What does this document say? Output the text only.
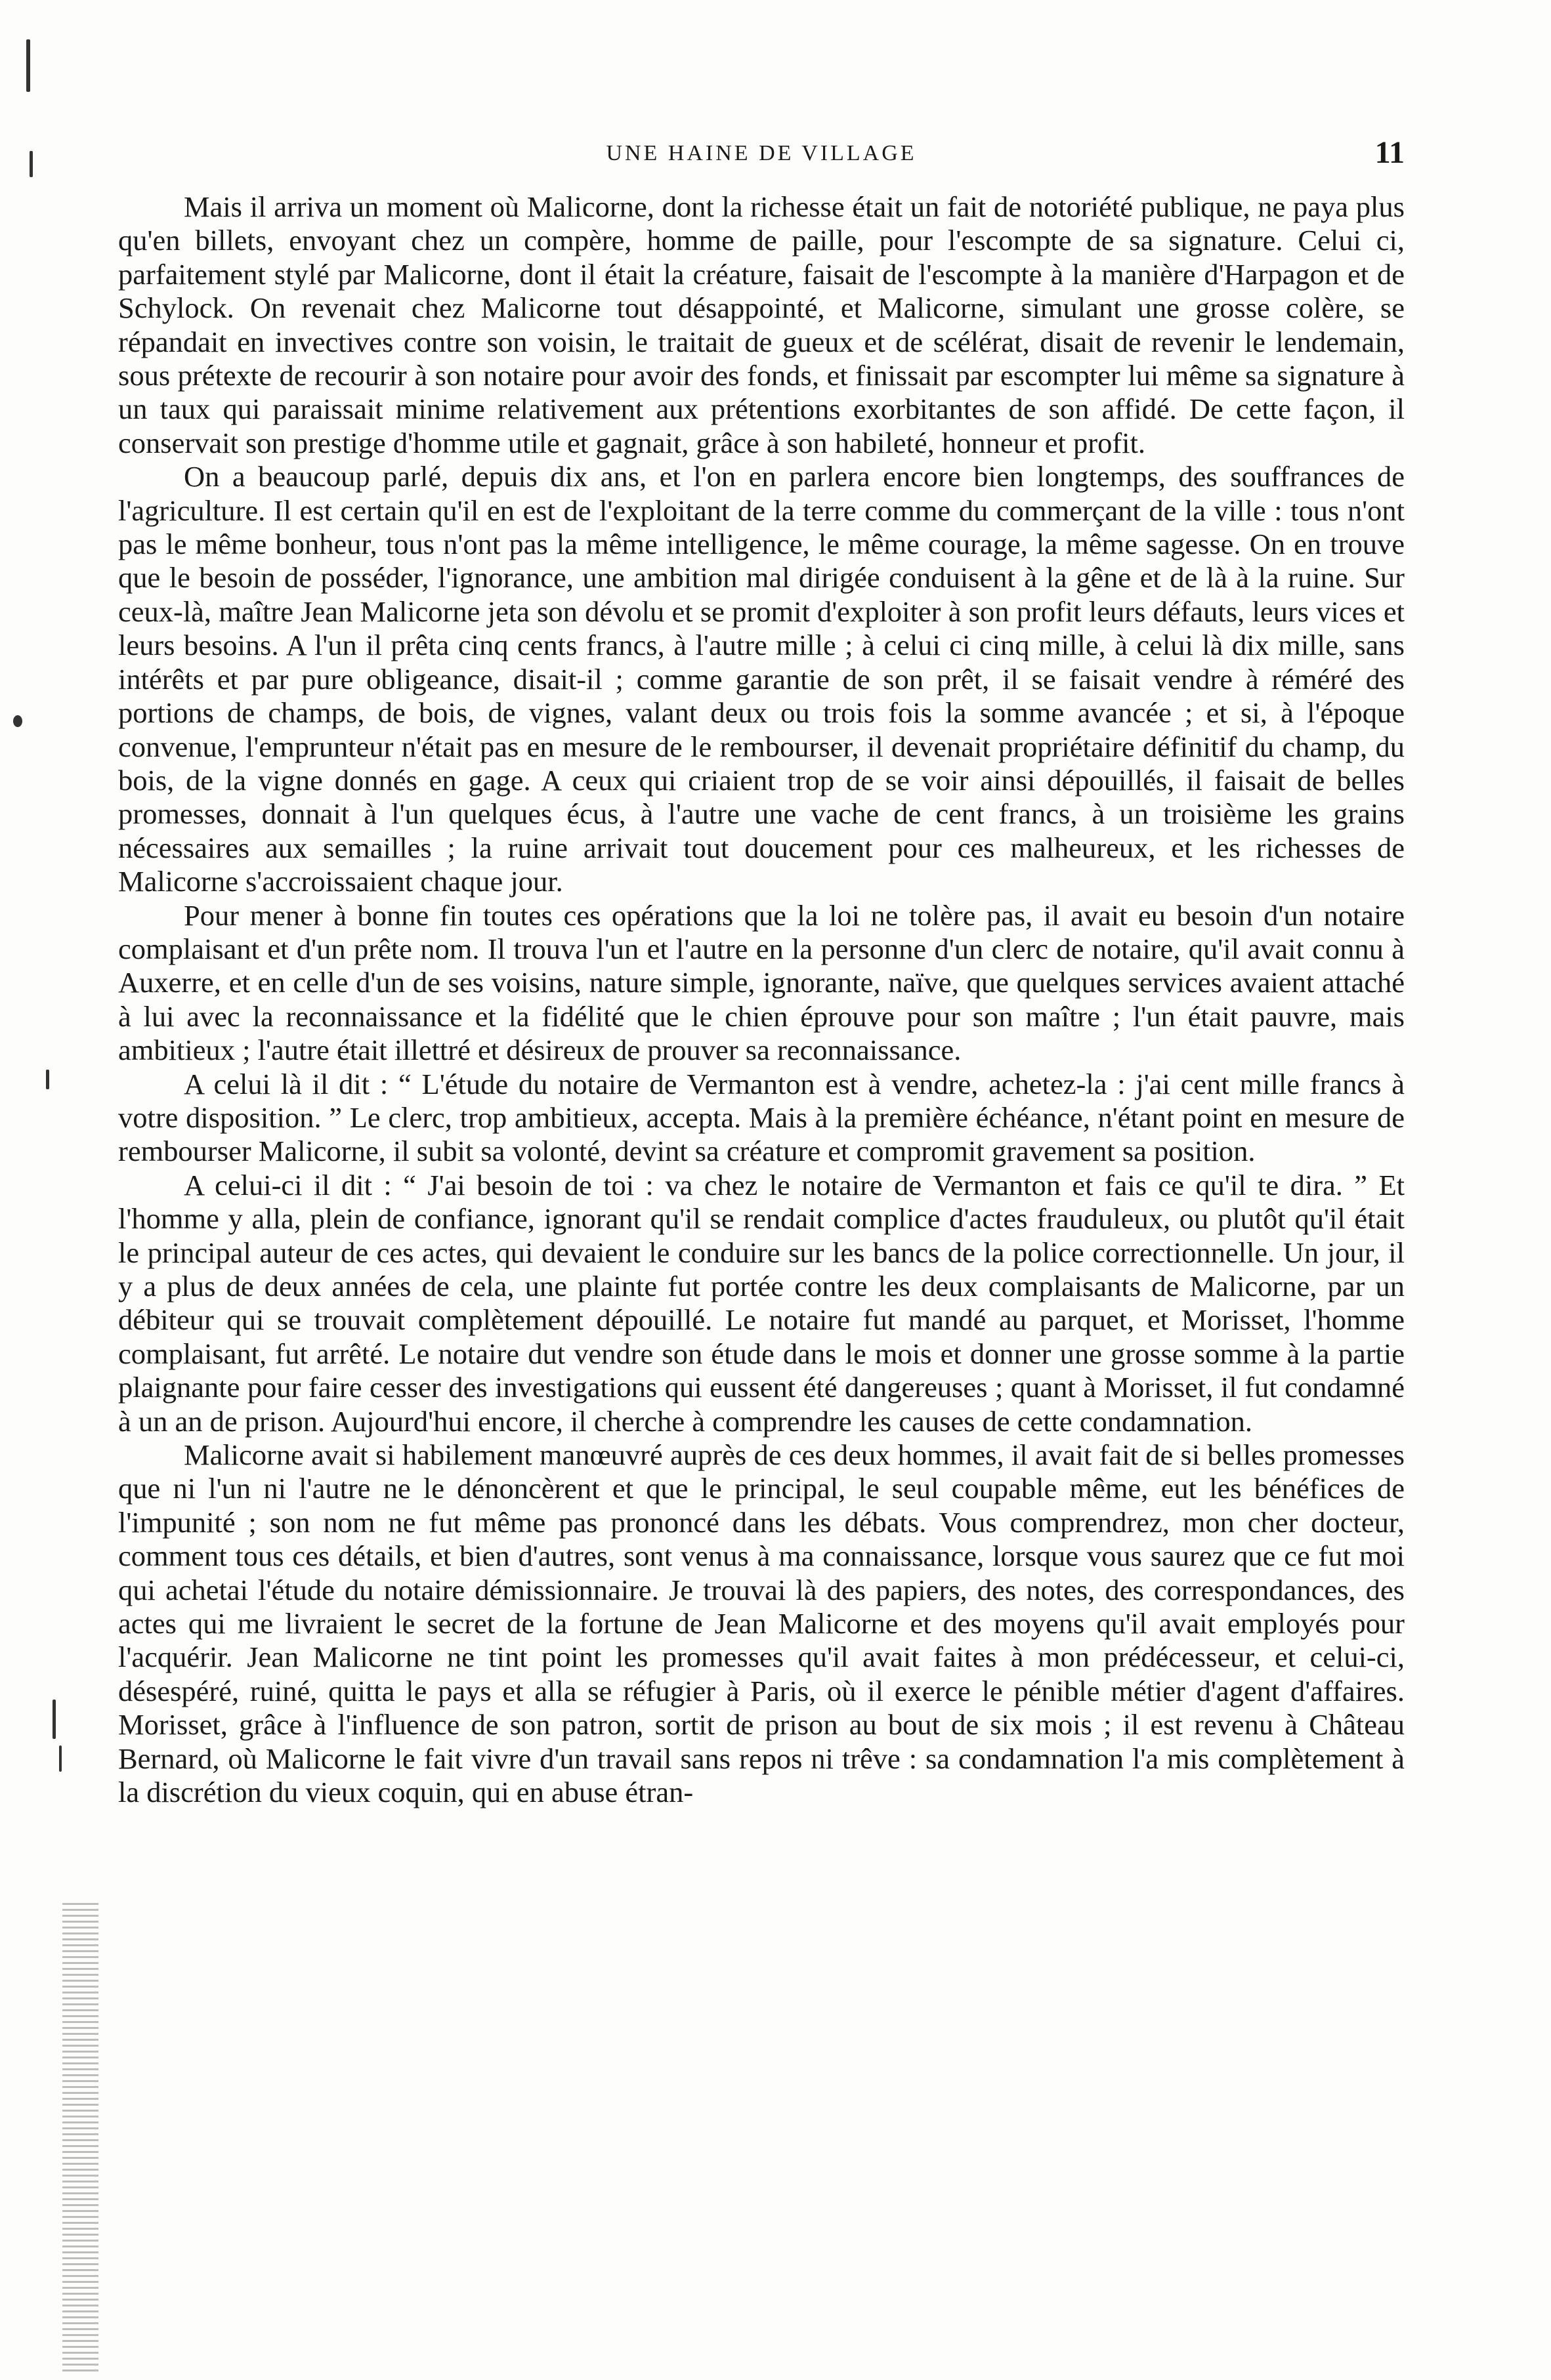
UNE HAINE DE VILLAGE	11

Mais il arriva un moment où Malicorne, dont la richesse était un fait de notoriété publique, ne paya plus qu'en billets, envoyant chez un compère, homme de paille, pour l'escompte de sa signature. Celui ci, parfaitement stylé par Malicorne, dont il était la créature, faisait de l'escompte à la manière d'Harpagon et de Schylock. On revenait chez Malicorne tout désappointé, et Malicorne, simulant une grosse colère, se répandait en invectives contre son voisin, le traitait de gueux et de scélérat, disait de revenir le lendemain, sous prétexte de recourir à son notaire pour avoir des fonds, et finissait par escompter lui même sa signature à un taux qui paraissait minime relativement aux prétentions exorbitantes de son affidé. De cette façon, il conservait son prestige d'homme utile et gagnait, grâce à son habileté, honneur et profit.

On a beaucoup parlé, depuis dix ans, et l'on en parlera encore bien longtemps, des souffrances de l'agriculture. Il est certain qu'il en est de l'exploitant de la terre comme du commerçant de la ville : tous n'ont pas le même bonheur, tous n'ont pas la même intelligence, le même courage, la même sagesse. On en trouve que le besoin de posséder, l'ignorance, une ambition mal dirigée conduisent à la gêne et de là à la ruine. Sur ceux-là, maître Jean Malicorne jeta son dévolu et se promit d'exploiter à son profit leurs défauts, leurs vices et leurs besoins. A l'un il prêta cinq cents francs, à l'autre mille ; à celui ci cinq mille, à celui là dix mille, sans intérêts et par pure obligeance, disait-il ; comme garantie de son prêt, il se faisait vendre à réméré des portions de champs, de bois, de vignes, valant deux ou trois fois la somme avancée ; et si, à l'époque convenue, l'emprunteur n'était pas en mesure de le rembourser, il devenait propriétaire définitif du champ, du bois, de la vigne donnés en gage. A ceux qui criaient trop de se voir ainsi dépouillés, il faisait de belles promesses, donnait à l'un quelques écus, à l'autre une vache de cent francs, à un troisième les grains nécessaires aux semailles ; la ruine arrivait tout doucement pour ces malheureux, et les richesses de Malicorne s'accroissaient chaque jour.

Pour mener à bonne fin toutes ces opérations que la loi ne tolère pas, il avait eu besoin d'un notaire complaisant et d'un prête nom. Il trouva l'un et l'autre en la personne d'un clerc de notaire, qu'il avait connu à Auxerre, et en celle d'un de ses voisins, nature simple, ignorante, naïve, que quelques services avaient attaché à lui avec la reconnaissance et la fidélité que le chien éprouve pour son maître ; l'un était pauvre, mais ambitieux ; l'autre était illettré et désireux de prouver sa reconnaissance.

A celui là il dit : “ L'étude du notaire de Vermanton est à vendre, achetez-la : j'ai cent mille francs à votre disposition. ” Le clerc, trop ambitieux, accepta. Mais à la première échéance, n'étant point en mesure de rembourser Malicorne, il subit sa volonté, devint sa créature et compromit gravement sa position.

A celui-ci il dit : “ J'ai besoin de toi : va chez le notaire de Vermanton et fais ce qu'il te dira. ” Et l'homme y alla, plein de confiance, ignorant qu'il se rendait complice d'actes frauduleux, ou plutôt qu'il était le principal auteur de ces actes, qui devaient le conduire sur les bancs de la police correctionnelle. Un jour, il y a plus de deux années de cela, une plainte fut portée contre les deux complaisants de Malicorne, par un débiteur qui se trouvait complètement dépouillé. Le notaire fut mandé au parquet, et Morisset, l'homme complaisant, fut arrêté. Le notaire dut vendre son étude dans le mois et donner une grosse somme à la partie plaignante pour faire cesser des investigations qui eussent été dangereuses ; quant à Morisset, il fut condamné à un an de prison. Aujourd'hui encore, il cherche à comprendre les causes de cette condamnation.

Malicorne avait si habilement manœuvré auprès de ces deux hommes, il avait fait de si belles promesses que ni l'un ni l'autre ne le dénoncèrent et que le principal, le seul coupable même, eut les bénéfices de l'impunité ; son nom ne fut même pas prononcé dans les débats. Vous comprendrez, mon cher docteur, comment tous ces détails, et bien d'autres, sont venus à ma connaissance, lorsque vous saurez que ce fut moi qui achetai l'étude du notaire démissionnaire. Je trouvai là des papiers, des notes, des correspondances, des actes qui me livraient le secret de la fortune de Jean Malicorne et des moyens qu'il avait employés pour l'acquérir. Jean Malicorne ne tint point les promesses qu'il avait faites à mon prédécesseur, et celui-ci, désespéré, ruiné, quitta le pays et alla se réfugier à Paris, où il exerce le pénible métier d'agent d'affaires. Morisset, grâce à l'influence de son patron, sortit de prison au bout de six mois ; il est revenu à Château Bernard, où Malicorne le fait vivre d'un travail sans repos ni trêve : sa condamnation l'a mis complètement à la discrétion du vieux coquin, qui en abuse étran-
